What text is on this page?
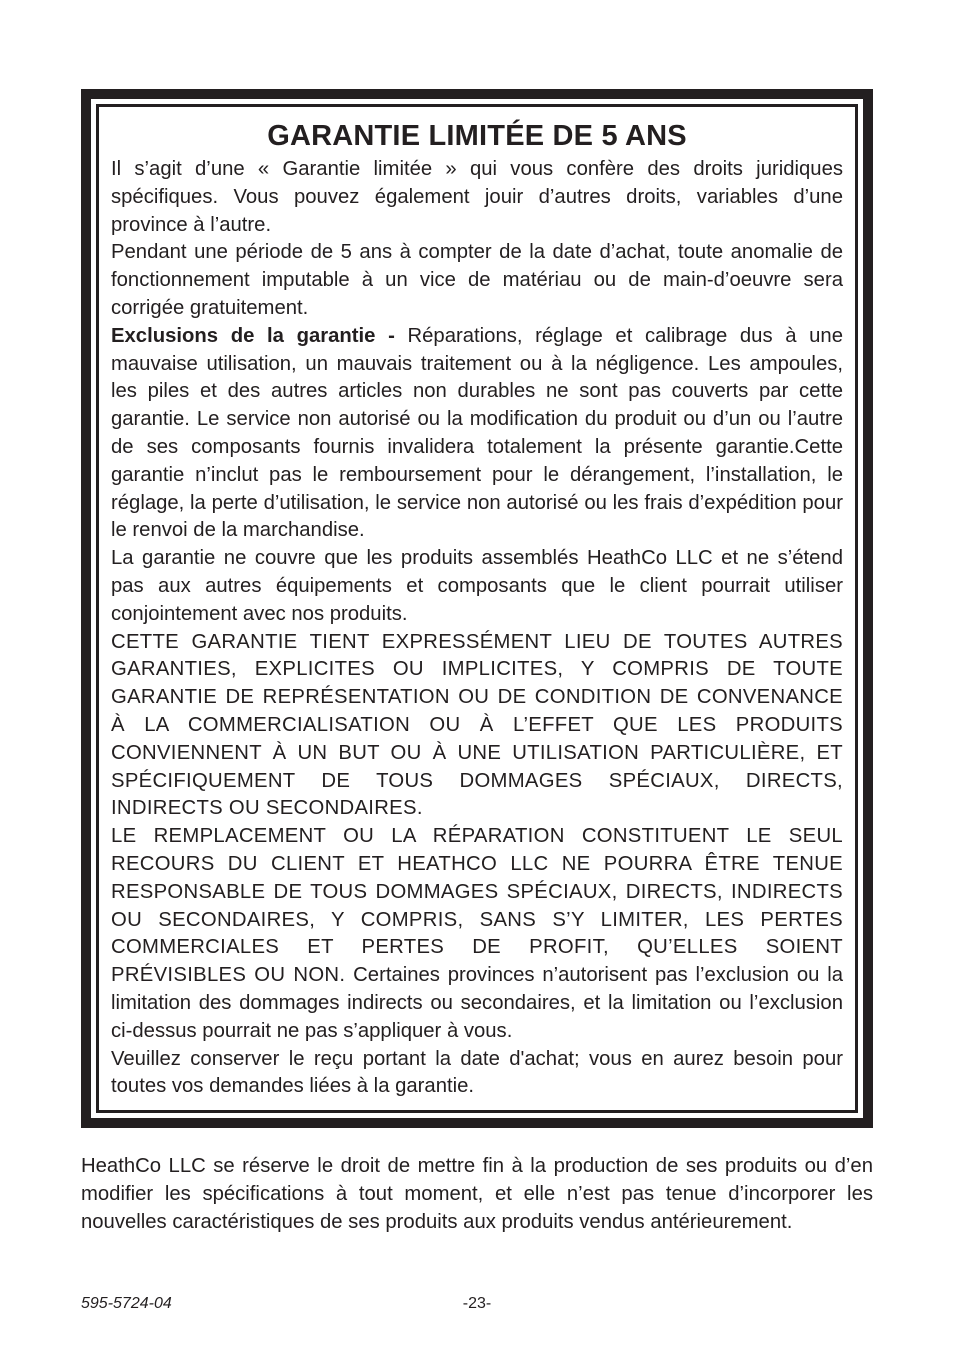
GARANTIE LIMITÉE DE 5 ANS

Il s’agit d’une « Garantie limitée » qui vous confère des droits juridiques spécifiques. Vous pouvez également jouir d’autres droits, variables d’une province à l’autre.

Pendant une période de 5 ans à compter de la date d’achat, toute anomalie de fonctionnement imputable à un vice de matériau ou de main-d’oeuvre sera corrigée gratuitement.

Exclusions de la garantie - Réparations, réglage et calibrage dus à une mauvaise utilisation, un mauvais traitement ou à la négligence. Les ampoules, les piles et des autres articles non durables ne sont pas couverts par cette garantie. Le service non autorisé ou la modification du produit ou d’un ou l’autre de ses composants fournis invalidera totalement la présente garantie.Cette garantie n’inclut pas le remboursement pour le dérangement, l’installation, le réglage, la perte d’utilisation, le service non autorisé ou les frais d’expédition pour le renvoi de la marchandise.

La garantie ne couvre que les produits assemblés HeathCo LLC et ne s’étend pas aux autres équipements et composants que le client pourrait utiliser conjointement avec nos produits.

CETTE GARANTIE TIENT EXPRESSÉMENT LIEU DE TOUTES AUTRES GARANTIES, EXPLICITES OU IMPLICITES, Y COMPRIS DE TOUTE GARANTIE DE REPRÉSENTATION OU DE CONDITION DE CONVENANCE À LA COMMERCIALISATION OU À L’EFFET QUE LES PRODUITS CONVIENNENT À UN BUT OU À UNE UTILISATION PARTICULIÈRE, ET SPÉCIFIQUEMENT DE TOUS DOMMAGES SPÉCIAUX, DIRECTS, INDIRECTS OU SECONDAIRES.

LE REMPLACEMENT OU LA RÉPARATION CONSTITUENT LE SEUL RECOURS DU CLIENT ET HEATHCO LLC NE POURRA ÊTRE TENUE RESPONSABLE DE TOUS DOMMAGES SPÉCIAUX, DIRECTS, INDIRECTS OU SECONDAIRES, Y COMPRIS, SANS S’Y LIMITER, LES PERTES COMMERCIALES ET PERTES DE PROFIT, QU’ELLES SOIENT PRÉVISIBLES OU NON. Certaines provinces n’autorisent pas l’exclusion ou la limitation des dommages indirects ou secondaires, et la limitation ou l’exclusion ci-dessus pourrait ne pas s’appliquer à vous.

Veuillez conserver le reçu portant la date d'achat; vous en aurez besoin pour toutes vos demandes liées à la garantie.

HeathCo LLC se réserve le droit de mettre fin à la production de ses produits ou d’en modifier les spécifications à tout moment, et elle n’est pas tenue d’incorporer les nouvelles caractéristiques de ses produits aux produits vendus antérieurement.

595-5724-04	-23-
